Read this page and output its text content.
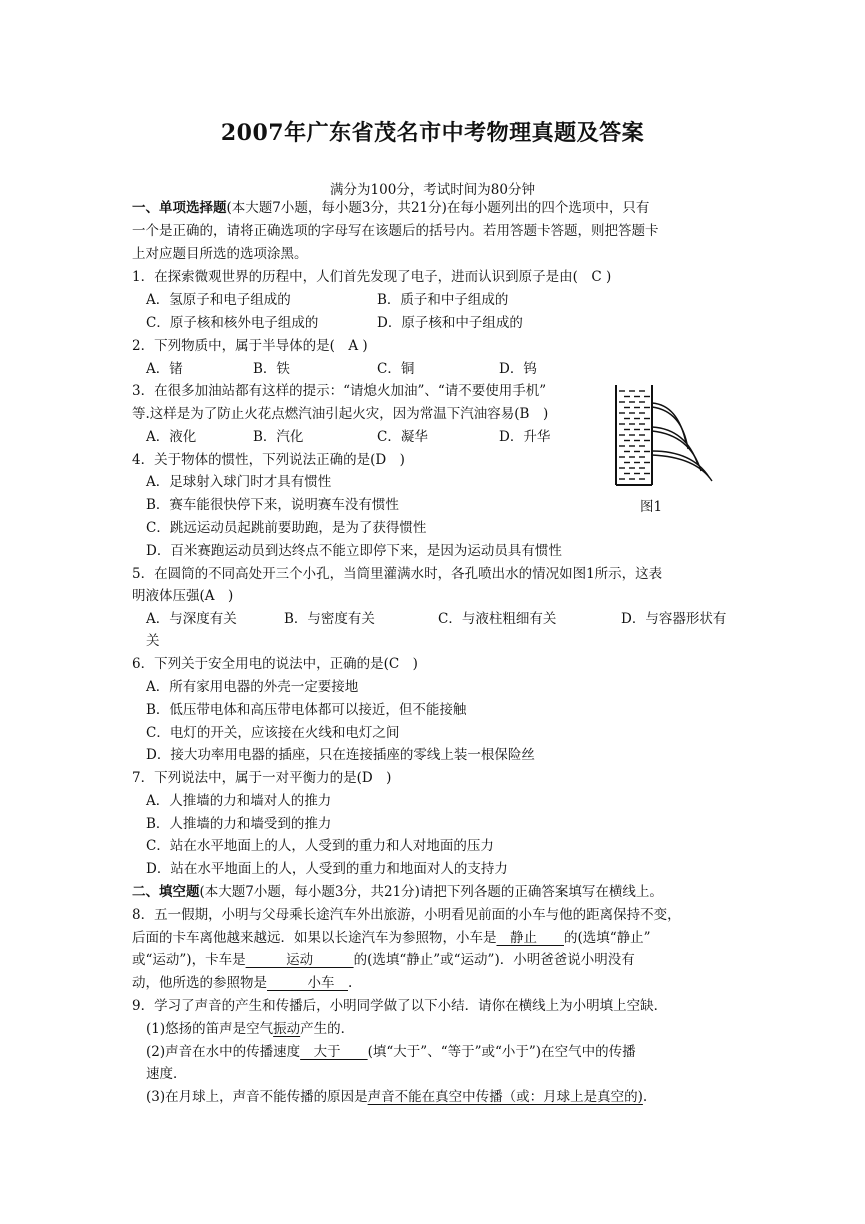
2007年广东省茂名市中考物理真题及答案
满分为100分，考试时间为80分钟
一、单项选择题(本大题7小题，每小题3分，共21分)在每小题列出的四个选项中，只有
一个是正确的，请将正确选项的字母写在该题后的括号内。若用答题卡答题，则把答题卡
上对应题目所选的选项涂黑。
1．在探索微观世界的历程中，人们首先发现了电子，进而认识到原子是由(　C )
A．氢原子和电子组成的	B．质子和中子组成的
C．原子核和核外电子组成的	D．原子核和中子组成的
2．下列物质中，属于半导体的是(　A )
A．锗	B．铁	C．铜	D．钨
3．在很多加油站都有这样的提示：“请熄火加油”、“请不要使用手机”
等.这样是为了防止火花点燃汽油引起火灾，因为常温下汽油容易(B　)
A．液化	B．汽化	C．凝华	D．升华
图1
4．关于物体的惯性，下列说法正确的是(D　)
A．足球射入球门时才具有惯性
B．赛车能很快停下来，说明赛车没有惯性
C．跳远运动员起跳前要助跑，是为了获得惯性
D．百米赛跑运动员到达终点不能立即停下来，是因为运动员具有惯性
5．在圆筒的不同高处开三个小孔，当筒里灌满水时，各孔喷出水的情况如图1所示，这表
明液体压强(A　)
A．与深度有关	B．与密度有关	C．与液柱粗细有关	D．与容器形状有
关
6．下列关于安全用电的说法中，正确的是(C　)
A．所有家用电器的外壳一定要接地
B．低压带电体和高压带电体都可以接近，但不能接触
C．电灯的开关，应该接在火线和电灯之间
D．接大功率用电器的插座，只在连接插座的零线上装一根保险丝
7．下列说法中，属于一对平衡力的是(D　)
A．人推墙的力和墙对人的推力
B．人推墙的力和墙受到的推力
C．站在水平地面上的人，人受到的重力和人对地面的压力
D．站在水平地面上的人，人受到的重力和地面对人的支持力
二、填空题(本大题7小题，每小题3分，共21分)请把下列各题的正确答案填写在横线上。
8．五一假期，小明与父母乘长途汽车外出旅游，小明看见前面的小车与他的距离保持不变，
后面的卡车离他越来越远．如果以长途汽车为参照物，小车是　静止　　的(选填“静止”
或“运动”)，卡车是　　　运动　　　的(选填“静止”或“运动”)．小明爸爸说小明没有
动，他所选的参照物是　　　小车　.
9．学习了声音的产生和传播后，小明同学做了以下小结．请你在横线上为小明填上空缺．
(1)悠扬的笛声是空气振动产生的．
(2)声音在水中的传播速度　大于　　(填“大于”、“等于”或“小于”)在空气中的传播
速度．
(3)在月球上，声音不能传播的原因是声音不能在真空中传播（或：月球上是真空的).
